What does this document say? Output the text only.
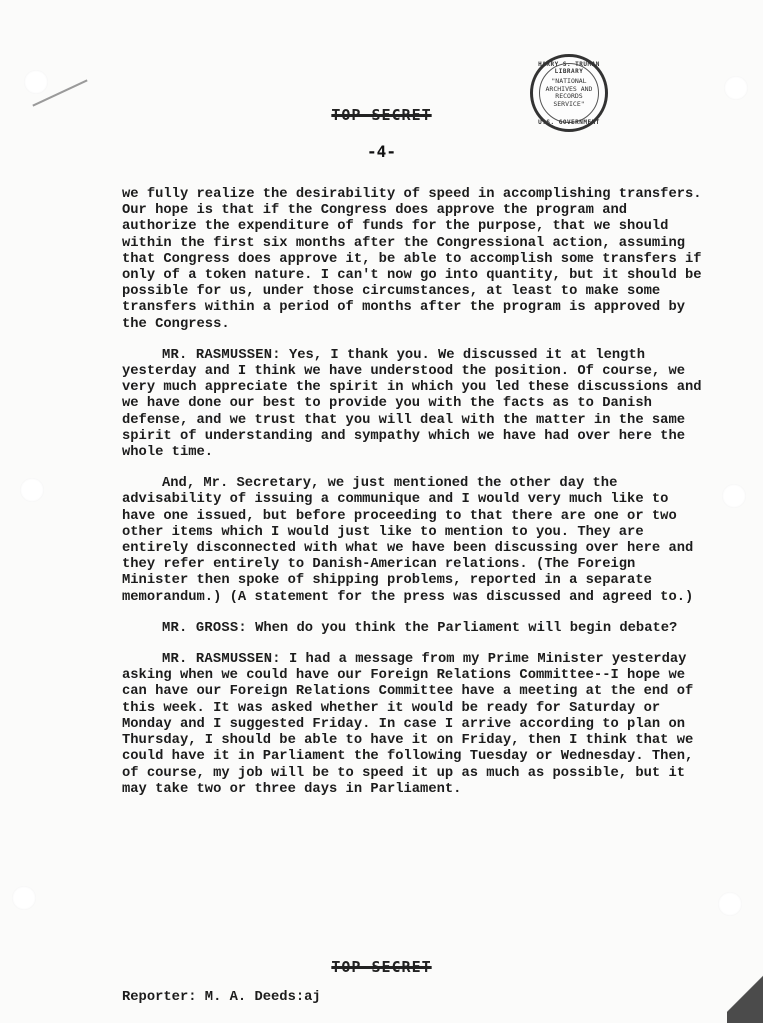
HARRY S. TRUMAN LIBRARY
"NATIONAL
ARCHIVES AND
RECORDS
SERVICE"
U.S. GOVERNMENT
TOP SECRET
-4-

we fully realize the desirability of speed in accomplishing transfers. Our hope is that if the Congress does approve the program and authorize the expenditure of funds for the purpose, that we should within the first six months after the Congressional action, assuming that Congress does approve it, be able to accomplish some transfers if only of a token nature. I can't now go into quantity, but it should be possible for us, under those circumstances, at least to make some transfers within a period of months after the program is approved by the Congress.

MR. RASMUSSEN: Yes, I thank you. We discussed it at length yesterday and I think we have understood the position. Of course, we very much appreciate the spirit in which you led these discussions and we have done our best to provide you with the facts as to Danish defense, and we trust that you will deal with the matter in the same spirit of understanding and sympathy which we have had over here the whole time.

And, Mr. Secretary, we just mentioned the other day the advisability of issuing a communique and I would very much like to have one issued, but before proceeding to that there are one or two other items which I would just like to mention to you. They are entirely disconnected with what we have been discussing over here and they refer entirely to Danish-American relations. (The Foreign Minister then spoke of shipping problems, reported in a separate memorandum.) (A statement for the press was discussed and agreed to.)

MR. GROSS: When do you think the Parliament will begin debate?

MR. RASMUSSEN: I had a message from my Prime Minister yesterday asking when we could have our Foreign Relations Committee--I hope we can have our Foreign Relations Committee have a meeting at the end of this week. It was asked whether it would be ready for Saturday or Monday and I suggested Friday. In case I arrive according to plan on Thursday, I should be able to have it on Friday, then I think that we could have it in Parliament the following Tuesday or Wednesday. Then, of course, my job will be to speed it up as much as possible, but it may take two or three days in Parliament.

TOP SECRET
Reporter: M. A. Deeds:aj
